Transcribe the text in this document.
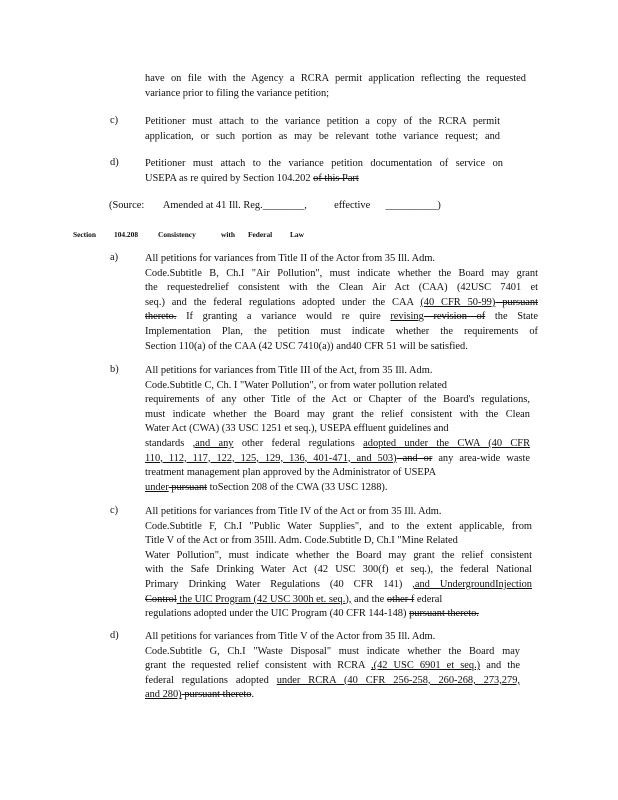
have on file with the Agency a RCRA permit application reflecting the requested
variance prior to filing the variance petition;
c)	Petitioner must attach to the variance petition a copy of the RCRA permit
application, or such portion as may be relevant tothe variance request; and
d)	Petitioner must attach to the variance petition documentation of service on
USEPA as re quired by Section 104.202 of this Part
(Source: Amended at 41 Ill. Reg.________,	effective __________)
Section 104.208	Consistency	with Federal Law
a)	All petitions for variances from Title II of the Actor from 35 Ill. Adm.
Code.Subtitle B, Ch.I "Air Pollution", must indicate whether the Board may grant
the requestedrelief consistent with the Clean Air Act (CAA) (42USC 7401 et
seq.) and the federal regulations adopted under the CAA (40 CFR 50-99) pursuant
thereto. If granting a variance would re quire revising revision of the State
Implementation Plan, the petition must indicate whether the requirements of
Section 110(a) of the CAA (42 USC 7410(a)) and40 CFR 51 will be satisfied.
b)	All petitions for variances from Title III of the Act, from 35 Ill. Adm.
Code.Subtitle C, Ch. I "Water Pollution", or from water pollution related
requirements of any other Title of the Act or Chapter of the Board's regulations,
must indicate whether the Board may grant the relief consistent with the Clean
Water Act (CWA) (33 USC 1251 et seq.), USEPA effluent guidelines and
standards ,and any other federal regulations adopted under the CWA (40 CFR
110, 112, 117, 122, 125, 129, 136, 401-471, and 503) and or any area-wide waste
treatment management plan approved by the Administrator of USEPA
under pursuant toSection 208 of the CWA (33 USC 1288).
c)	All petitions for variances from Title IV of the Act or from 35 Ill. Adm.
Code.Subtitle F, Ch.I "Public Water Supplies", and to the extent applicable, from
Title V of the Act or from 35Ill. Adm. Code.Subtitle D, Ch.I "Mine Related
Water Pollution", must indicate whether the Board may grant the relief consistent
with the Safe Drinking Water Act (42 USC 300(f) et seq.), the federal National
Primary Drinking Water Regulations (40 CFR 141) ,and UndergroundInjection
Control the UIC Program (42 USC 300h et. seq.), and the other f ederal
regulations adopted under the UIC Program (40 CFR 144-148) pursuant thereto.
d)	All petitions for variances from Title V of the Actor from 35 Ill. Adm.
Code.Subtitle G, Ch.I "Waste Disposal" must indicate whether the Board may
grant the requested relief consistent with RCRA ,(42 USC 6901 et seq.) and the
federal regulations adopted under RCRA (40 CFR 256-258, 260-268, 273,279,
and 280) pursuant thereto.
